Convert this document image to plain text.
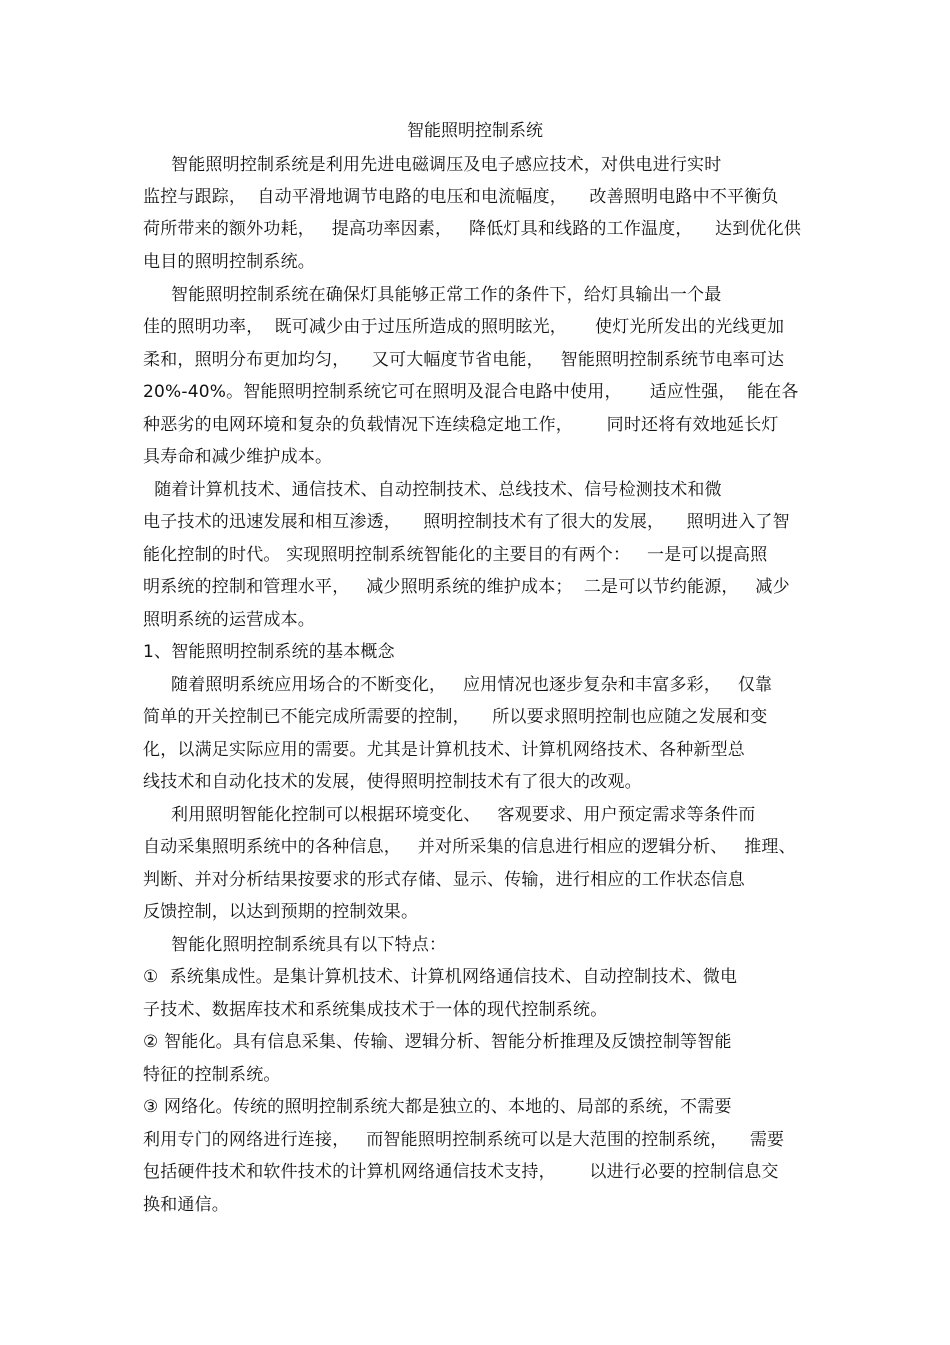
智能照明控制系统
智能照明控制系统是利用先进电磁调压及电子感应技术，对供电进行实时
监控与跟踪，  自动平滑地调节电路的电压和电流幅度，    改善照明电路中不平衡负
荷所带来的额外功耗，   提高功率因素，   降低灯具和线路的工作温度，    达到优化供
电目的照明控制系统。
智能照明控制系统在确保灯具能够正常工作的条件下，给灯具输出一个最
佳的照明功率，  既可减少由于过压所造成的照明眩光，     使灯光所发出的光线更加
柔和，照明分布更加均匀，    又可大幅度节省电能，   智能照明控制系统节电率可达
20%-40%。智能照明控制系统它可在照明及混合电路中使用，     适应性强，  能在各
种恶劣的电网环境和复杂的负载情况下连续稳定地工作，      同时还将有效地延长灯
具寿命和减少维护成本。
随着计算机技术、通信技术、自动控制技术、总线技术、信号检测技术和微
电子技术的迅速发展和相互渗透，    照明控制技术有了很大的发展，    照明进入了智
能化控制的时代。 实现照明控制系统智能化的主要目的有两个：   一是可以提高照
明系统的控制和管理水平，   减少照明系统的维护成本；  二是可以节约能源，   减少
照明系统的运营成本。
1、智能照明控制系统的基本概念
随着照明系统应用场合的不断变化，   应用情况也逐步复杂和丰富多彩，   仅靠
简单的开关控制已不能完成所需要的控制，    所以要求照明控制也应随之发展和变
化，以满足实际应用的需要。尤其是计算机技术、计算机网络技术、各种新型总
线技术和自动化技术的发展，使得照明控制技术有了很大的改观。
利用照明智能化控制可以根据环境变化、   客观要求、用户预定需求等条件而
自动采集照明系统中的各种信息，   并对所采集的信息进行相应的逻辑分析、   推理、
判断、并对分析结果按要求的形式存储、显示、传输，进行相应的工作状态信息
反馈控制，以达到预期的控制效果。
智能化照明控制系统具有以下特点：
①  系统集成性。是集计算机技术、计算机网络通信技术、自动控制技术、微电
子技术、数据库技术和系统集成技术于一体的现代控制系统。
② 智能化。具有信息采集、传输、逻辑分析、智能分析推理及反馈控制等智能
特征的控制系统。
③ 网络化。传统的照明控制系统大都是独立的、本地的、局部的系统，不需要
利用专门的网络进行连接，   而智能照明控制系统可以是大范围的控制系统，    需要
包括硬件技术和软件技术的计算机网络通信技术支持，      以进行必要的控制信息交
换和通信。
